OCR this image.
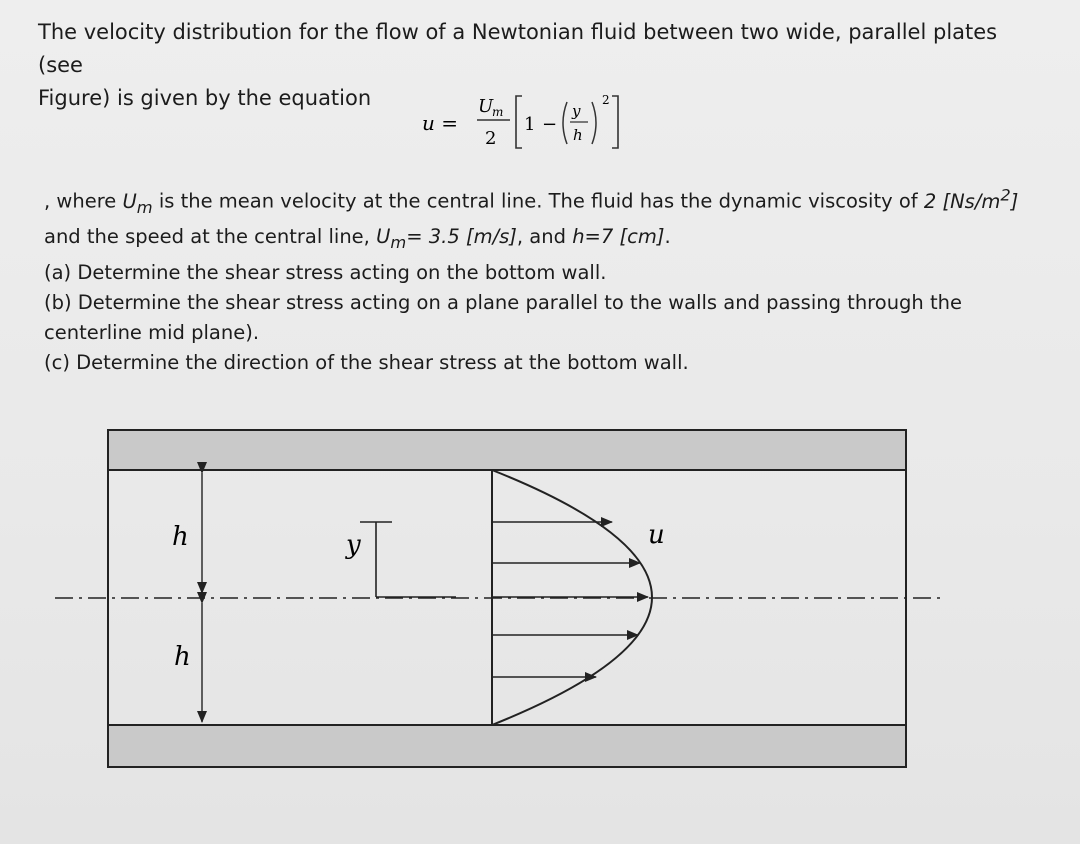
The velocity distribution for the flow of a Newtonian fluid between two wide, parallel plates (see
Figure) is given by the equation
u =
U
m
2
1 −
y
h
2

, where $U_m$ is the mean velocity at the central line. The fluid has the dynamic viscosity of 2 $[Ns/m^2]$

and the speed at the central line, $U_m= 3.5$ [m/s], and h=7 [cm].

(a) Determine the shear stress acting on the bottom wall.

(b) Determine the shear stress acting on a plane parallel to the walls and passing through the

centerline mid plane).

(c) Determine the direction of the shear stress at the bottom wall.

h
h
y	u
